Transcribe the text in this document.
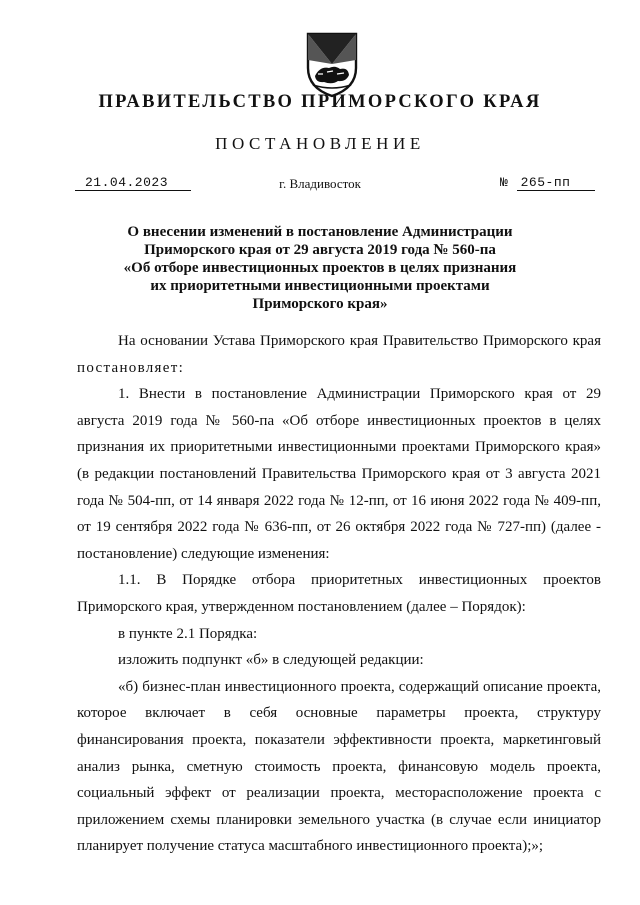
ПРАВИТЕЛЬСТВО ПРИМОРСКОГО КРАЯ
ПОСТАНОВЛЕНИЕ
21.04.2023	г. Владивосток	№ 265-пп
О внесении изменений в постановление Администрации
Приморского края от 29 августа 2019 года № 560-па
«Об отборе инвестиционных проектов в целях признания
их приоритетными инвестиционными проектами
Приморского края»

На основании Устава Приморского края Правительство Приморского края постановляет:

1. Внести в постановление Администрации Приморского края от 29 августа 2019 года № 560-па «Об отборе инвестиционных проектов в целях признания их приоритетными инвестиционными проектами Приморского края» (в редакции постановлений Правительства Приморского края от 3 августа 2021 года № 504-пп, от 14 января 2022 года № 12-пп, от 16 июня 2022 года № 409-пп, от 19 сентября 2022 года № 636-пп, от 26 октября 2022 года № 727-пп) (далее - постановление) следующие изменения:

1.1. В Порядке отбора приоритетных инвестиционных проектов Приморского края, утвержденном постановлением (далее – Порядок):

в пункте 2.1 Порядка:

изложить подпункт «б» в следующей редакции:

«б) бизнес-план инвестиционного проекта, содержащий описание проекта, которое включает в себя основные параметры проекта, структуру финансирования проекта, показатели эффективности проекта, маркетинговый анализ рынка, сметную стоимость проекта, финансовую модель проекта, социальный эффект от реализации проекта, месторасположение проекта с приложением схемы планировки земельного участка (в случае если инициатор планирует получение статуса масштабного инвестиционного проекта);»;
